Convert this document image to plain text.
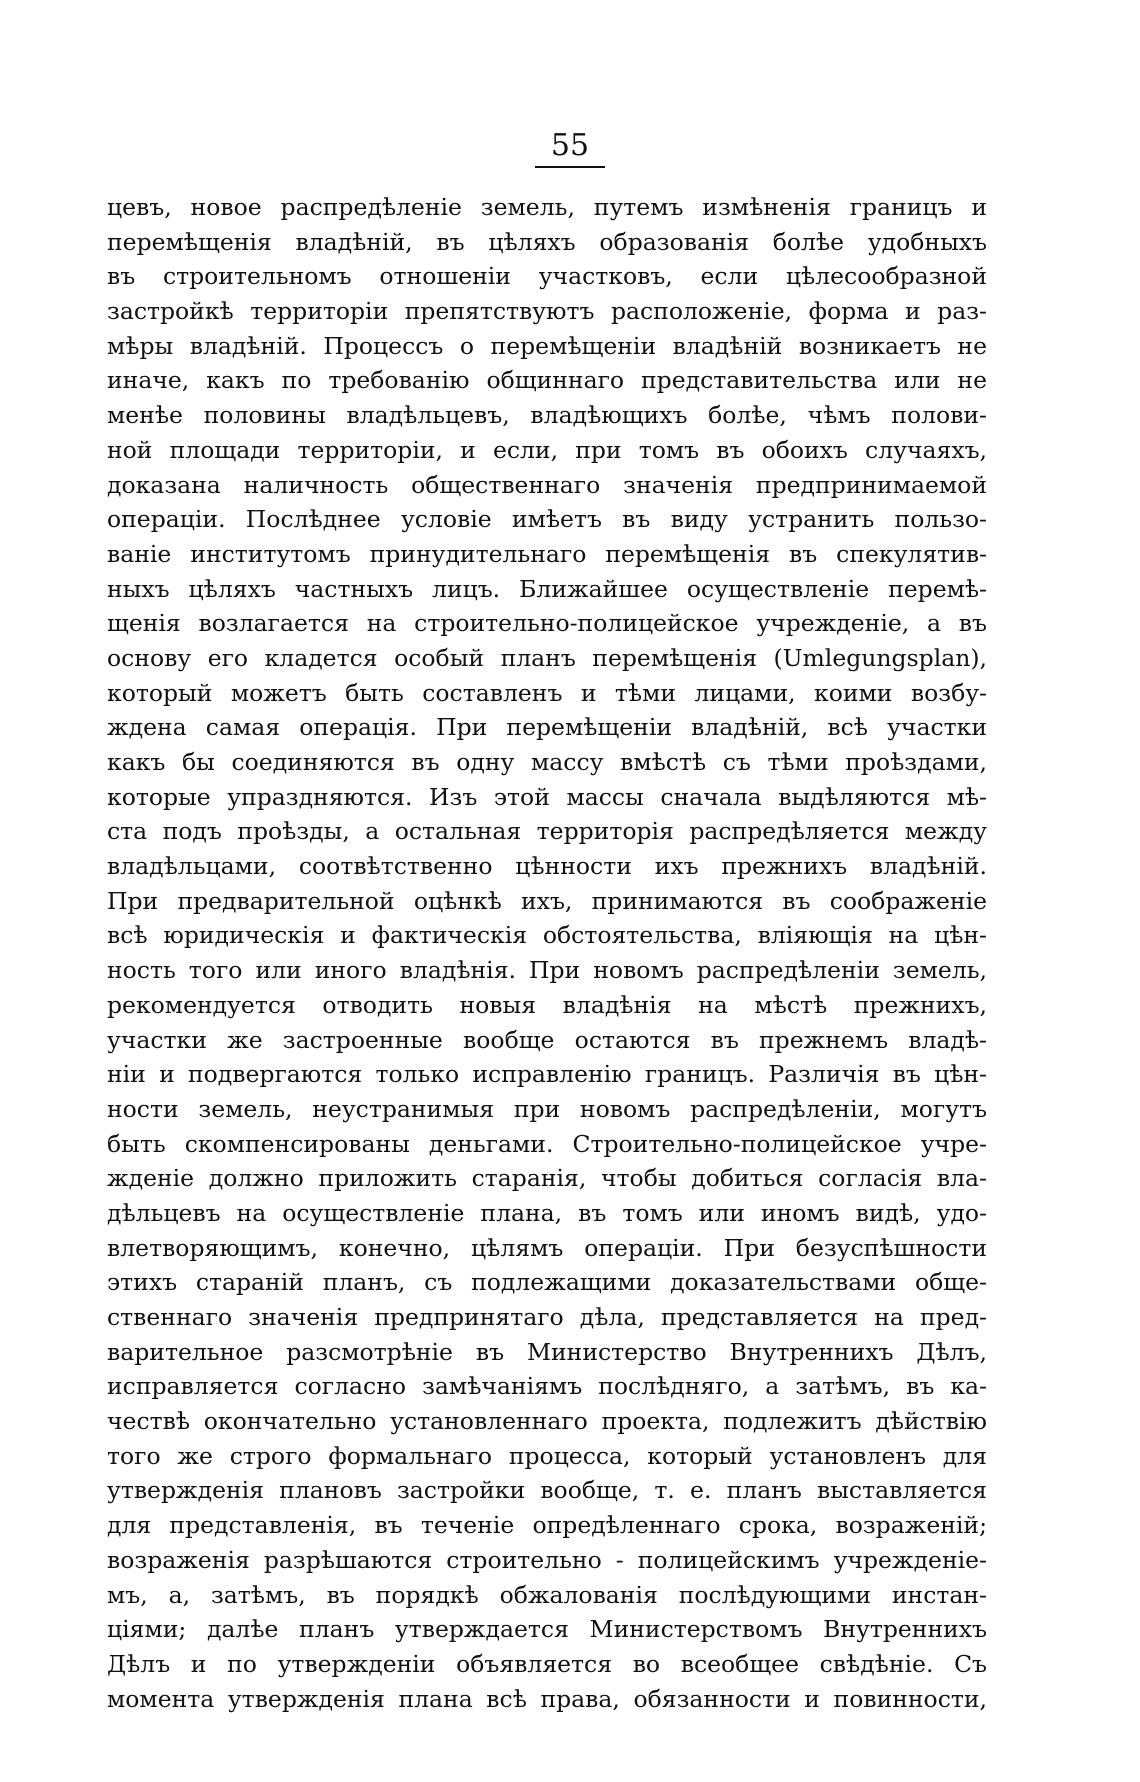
55
цевъ, новое распредѣленіе земель, путемъ измѣненія границъ и
перемѣщенія владѣній, въ цѣляхъ образованія болѣе удобныхъ
въ строительномъ отношеніи участковъ, если цѣлесообразной
застройкѣ территоріи препятствуютъ расположеніе, форма и раз-
мѣры владѣній. Процессъ о перемѣщеніи владѣній возникаетъ не
иначе, какъ по требованію общиннаго представительства или не
менѣе половины владѣльцевъ, владѣющихъ болѣе, чѣмъ полови-
ной площади территоріи, и если, при томъ въ обоихъ случаяхъ,
доказана наличность общественнаго значенія предпринимаемой
операціи. Послѣднее условіе имѣетъ въ виду устранить пользо-
ваніе институтомъ принудительнаго перемѣщенія въ спекулятив-
ныхъ цѣляхъ частныхъ лицъ. Ближайшее осуществленіе перемѣ-
щенія возлагается на строительно-полицейское учрежденіе, а въ
основу его кладется особый планъ перемѣщенія (Umlegungsplan),
который можетъ быть составленъ и тѣми лицами, коими возбу-
ждена самая операція. При перемѣщеніи владѣній, всѣ участки
какъ бы соединяются въ одну массу вмѣстѣ съ тѣми проѣздами,
которые упраздняются. Изъ этой массы сначала выдѣляются мѣ-
ста подъ проѣзды, а остальная территорія распредѣляется между
владѣльцами, соотвѣтственно цѣнности ихъ прежнихъ владѣній.
При предварительной оцѣнкѣ ихъ, принимаются въ соображеніе
всѣ юридическія и фактическія обстоятельства, вліяющія на цѣн-
ность того или иного владѣнія. При новомъ распредѣленіи земель,
рекомендуется отводить новыя владѣнія на мѣстѣ прежнихъ,
участки же застроенные вообще остаются въ прежнемъ владѣ-
ніи и подвергаются только исправленію границъ. Различія въ цѣн-
ности земель, неустранимыя при новомъ распредѣленіи, могутъ
быть скомпенсированы деньгами. Строительно-полицейское учре-
жденіе должно приложить старанія, чтобы добиться согласія вла-
дѣльцевъ на осуществленіе плана, въ томъ или иномъ видѣ, удо-
влетворяющимъ, конечно, цѣлямъ операціи. При безуспѣшности
этихъ стараній планъ, съ подлежащими доказательствами обще-
ственнаго значенія предпринятаго дѣла, представляется на пред-
варительное разсмотрѣніе въ Министерство Внутреннихъ Дѣлъ,
исправляется согласно замѣчаніямъ послѣдняго, а затѣмъ, въ ка-
чествѣ окончательно установленнаго проекта, подлежитъ дѣйствію
того же строго формальнаго процесса, который установленъ для
утвержденія плановъ застройки вообще, т. е. планъ выставляется
для представленія, въ теченіе опредѣленнаго срока, возраженій;
возраженія разрѣшаются строительно - полицейскимъ учрежденіе-
мъ, а, затѣмъ, въ порядкѣ обжалованія послѣдующими инстан-
ціями; далѣе планъ утверждается Министерствомъ Внутреннихъ
Дѣлъ и по утвержденіи объявляется во всеобщее свѣдѣніе. Съ
момента утвержденія плана всѣ права, обязанности и повинности,
